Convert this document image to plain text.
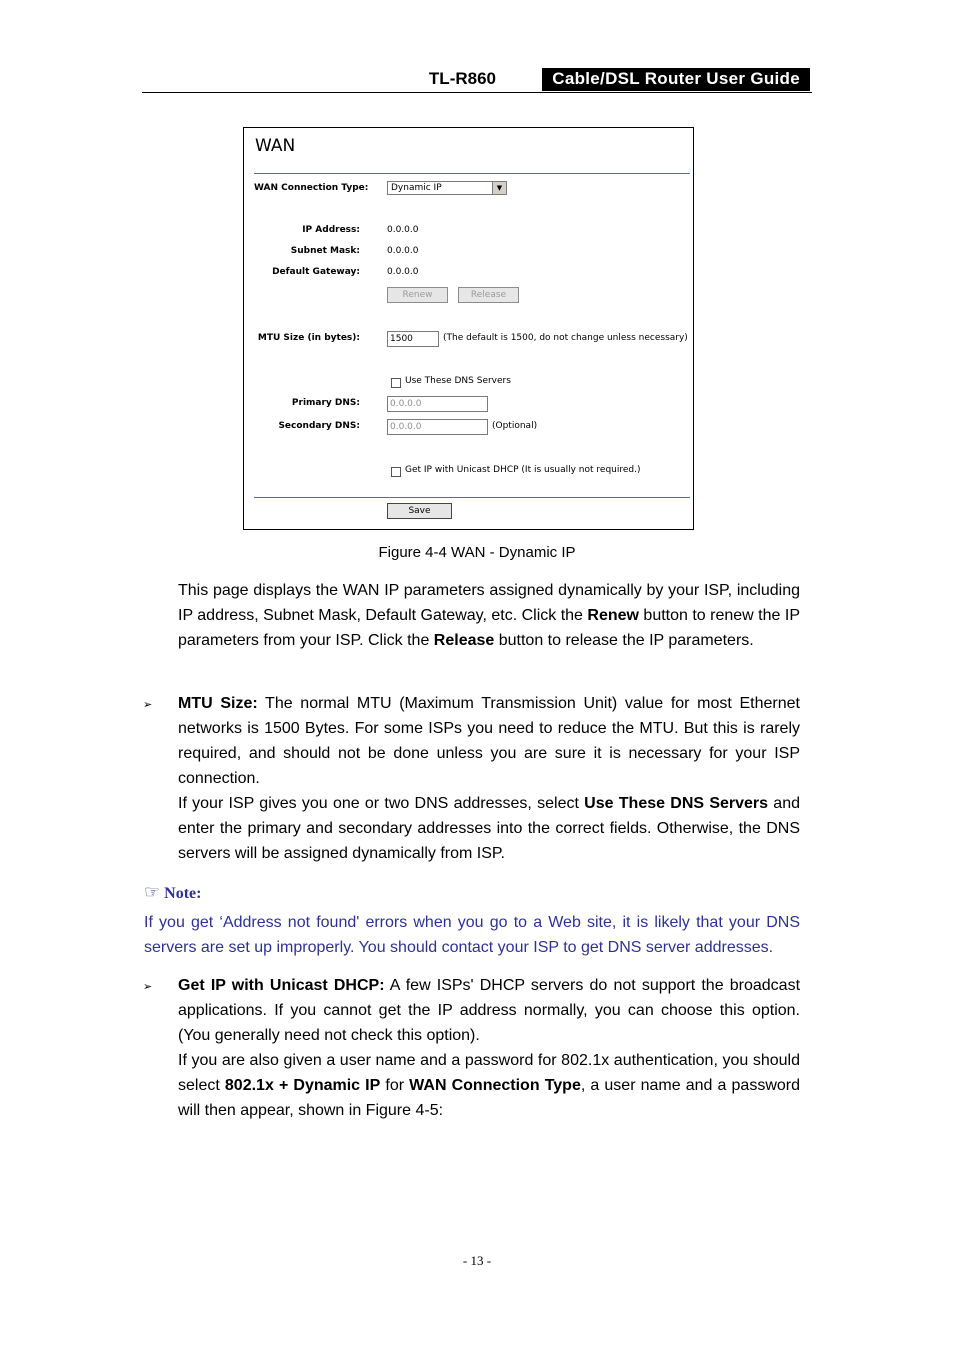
TL-R860	Cable/DSL Router User Guide
WAN
WAN Connection Type:	Dynamic IP	▼
IP Address:	0.0.0.0
Subnet Mask:	0.0.0.0
Default Gateway:	0.0.0.0
Renew	Release
MTU Size (in bytes):	1500	(The default is 1500, do not change unless necessary)
Use These DNS Servers
Primary DNS:	0.0.0.0
Secondary DNS:	0.0.0.0	(Optional)
Get IP with Unicast DHCP (It is usually not required.)
Save
Figure 4-4 WAN - Dynamic IP
This page displays the WAN IP parameters assigned dynamically by your ISP, including IP address, Subnet Mask, Default Gateway, etc. Click the Renew button to renew the IP parameters from your ISP. Click the Release button to release the IP parameters.
➢ MTU Size: The normal MTU (Maximum Transmission Unit) value for most Ethernet networks is 1500 Bytes. For some ISPs you need to reduce the MTU. But this is rarely required, and should not be done unless you are sure it is necessary for your ISP connection.
If your ISP gives you one or two DNS addresses, select Use These DNS Servers and enter the primary and secondary addresses into the correct fields. Otherwise, the DNS servers will be assigned dynamically from ISP.
☞ Note:
If you get ‘Address not found' errors when you go to a Web site, it is likely that your DNS servers are set up improperly. You should contact your ISP to get DNS server addresses.
➢ Get IP with Unicast DHCP: A few ISPs' DHCP servers do not support the broadcast applications. If you cannot get the IP address normally, you can choose this option. (You generally need not check this option).
If you are also given a user name and a password for 802.1x authentication, you should select 802.1x + Dynamic IP for WAN Connection Type, a user name and a password will then appear, shown in Figure 4-5:
- 13 -
